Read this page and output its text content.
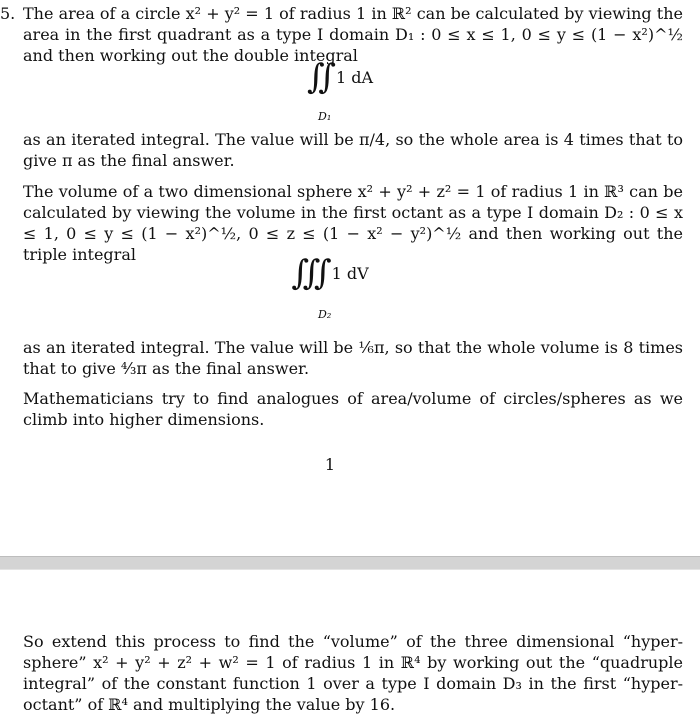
5. The area of a circle x² + y² = 1 of radius 1 in ℝ² can be calculated by viewing the area in the first quadrant as a type I domain D₁ : 0 ≤ x ≤ 1, 0 ≤ y ≤ (1 − x²)^½ and then working out the double integral
∬ 1 dA
D₁
as an iterated integral. The value will be π/4, so the whole area is 4 times that to give π as the final answer.
The volume of a two dimensional sphere x² + y² + z² = 1 of radius 1 in ℝ³ can be calculated by viewing the volume in the first octant as a type I domain D₂ : 0 ≤ x ≤ 1, 0 ≤ y ≤ (1 − x²)^½, 0 ≤ z ≤ (1 − x² − y²)^½ and then working out the triple integral	∭ 1 dV
D₂
as an iterated integral. The value will be ⅙π, so that the whole volume is 8 times that to give ⁴⁄₃π as the final answer.
Mathematicians try to find analogues of area/volume of circles/spheres as we climb into higher dimensions.
1
So extend this process to find the “volume” of the three dimensional “hyper-sphere” x² + y² + z² + w² = 1 of radius 1 in ℝ⁴ by working out the “quadruple integral” of the constant function 1 over a type I domain D₃ in the first “hyper-octant” of ℝ⁴ and multiplying the value by 16.
